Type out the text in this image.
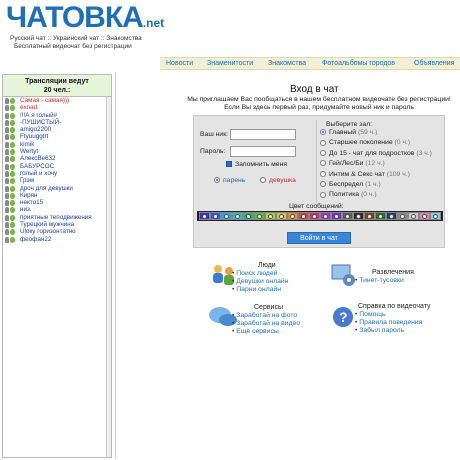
ЧАТОВКА.net
Русский чат :: Украинский чат :: Знакомства
Бесплатный видеочат без регистрации
Новости Знаменитости Знакомства Фотоальбомы городов	Объявления
Трансляции ведут
20 чел.:
Самая - самая)))
exnad
!!!А я голый#
-ПУШИСТЫЙ-
amigo2200
Ftyuuggtrt
kimik
Wertyt
АлексВе632
БАБУРСОС
голый и хочу
Грэм
дроч для девушки
Кирян
некто15
низ.
приятные теподвижения
Турецкий мужчина
Ulоку горизонтатно
феофан22
Вход в чат
Мы приглашаем Вас пообщаться в нашем бесплатном видеочате без регистрации!
Если Вы здесь первый раз, придумайте новый ник и пароль
Ваш ник:
Пароль:
Запомнить меня
парень	девушка
Выберите зал:
Главный (59 ч.)
Старшее поколение (0 ч.)
До 15 - чат для подростков (3 ч.)
Гей/Лес/Би (12 ч.)
Интим & Секс чат (109 ч.)
Беспредел (1 ч.)
Политика (0 ч.)
Цвет сообщений:
Войти в чат
Люди
• Поиск людей
• Девушки онлайн
• Парни онлайн
Развлечения
• Тинет-тусовки
Сервисы
• Заработай на фото
• Заработай на видео
• Ещё сервисы
?
Справка по видеочату
• Помощь
• Правила поведения
• Забыл пароль
